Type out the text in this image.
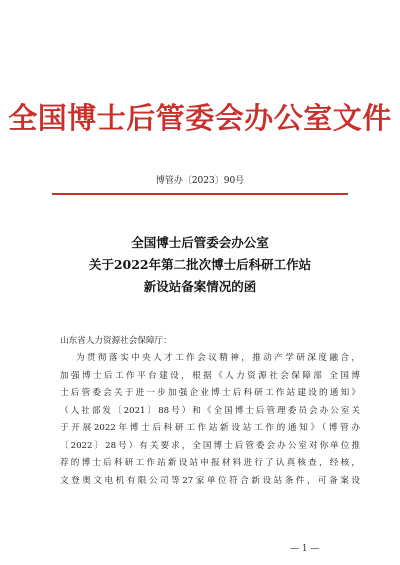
全国博士后管委会办公室文件
博管办〔2023〕90号
全国博士后管委会办公室
关于2022年第二批次博士后科研工作站
新设站备案情况的函
山东省人力资源社会保障厅：
为贯彻落实中央人才工作会议精神，推动产学研深度融合，
加强博士后工作平台建设，根据《人力资源社会保障部 全国博
士后管委会关于进一步加强企业博士后科研工作站建设的通知》
（人社部发〔2021〕88号）和《全国博士后管理委员会办公室关
于开展2022年博士后科研工作站新设站工作的通知》（博管办
〔2022〕28号）有关要求，全国博士后管委会办公室对你单位推
荐的博士后科研工作站新设站申报材料进行了认真核查，经核，
文登奥文电机有限公司等27家单位符合新设站条件，可备案设
— 1 —
